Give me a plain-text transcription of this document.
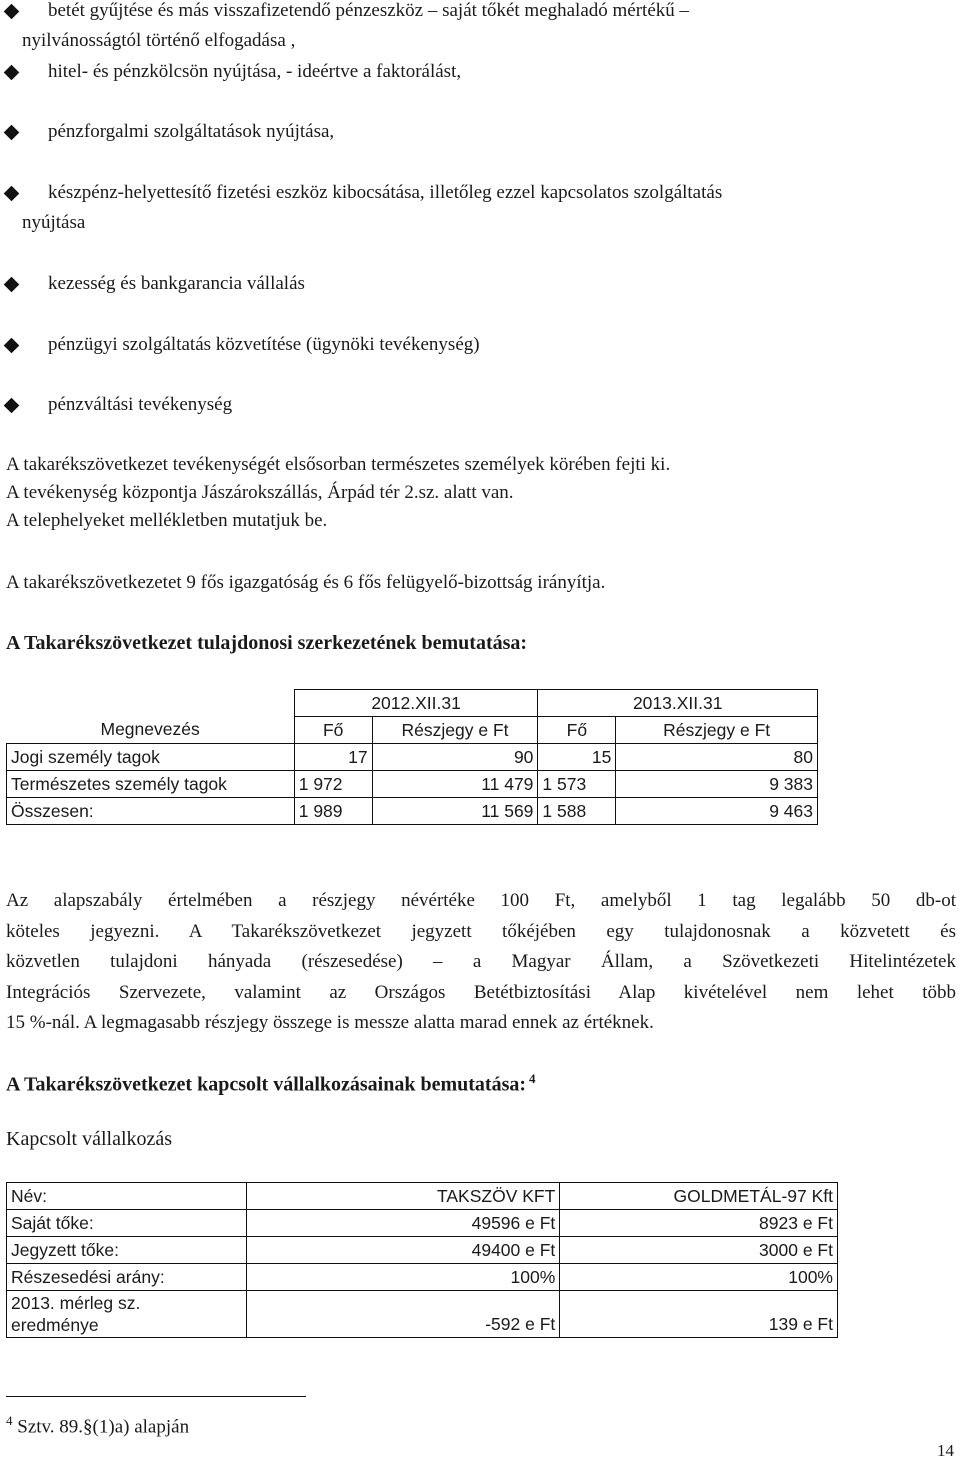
betét gyűjtése és más visszafizetendő pénzeszköz – saját tőkét meghaladó mértékű –
nyilvánosságtól történő elfogadása ,
hitel- és pénzkölcsön nyújtása, - ideértve a faktorálást,
pénzforgalmi szolgáltatások nyújtása,
készpénz-helyettesítő fizetési eszköz kibocsátása, illetőleg ezzel kapcsolatos szolgáltatás
nyújtása
kezesség és bankgarancia vállalás
pénzügyi szolgáltatás közvetítése (ügynöki tevékenység)
pénzváltási tevékenység
A takarékszövetkezet tevékenységét elsősorban természetes személyek körében fejti ki.
A tevékenység központja Jászárokszállás, Árpád tér 2.sz. alatt van.
A telephelyeket mellékletben mutatjuk be.
A takarékszövetkezetet 9 fős igazgatóság és 6 fős felügyelő-bizottság irányítja.
A Takarékszövetkezet tulajdonosi szerkezetének bemutatása:
	2012.XII.31		2013.XII.31	
Megnevezés	Fő	Részjegy e Ft	Fő	Részjegy e Ft
Jogi személy tagok	17	90	15	80
Természetes személy tagok	1 972	11 479	1 573	9 383
Összesen:	1 989	11 569	1 588	9 463
Az alapszabály értelmében a részjegy névértéke 100 Ft, amelyből 1 tag legalább 50 db-ot
köteles jegyezni. A Takarékszövetkezet jegyzett tőkéjében egy tulajdonosnak a közvetett és
közvetlen tulajdoni hányada (részesedése) – a Magyar Állam, a Szövetkezeti Hitelintézetek
Integrációs Szervezete, valamint az Országos Betétbiztosítási Alap kivételével nem lehet több
15 %-nál. A legmagasabb részjegy összege is messze alatta marad ennek az értéknek.
A Takarékszövetkezet kapcsolt vállalkozásainak bemutatása: $^4$
Kapcsolt vállalkozás
Név:	TAKSZÖV KFT	GOLDMETÁL-97 Kft
Saját tőke:	49596 e Ft	8923 e Ft
Jegyzett tőke:	49400 e Ft	3000 e Ft
Részesedési arány:	100%	100%

2013. mérleg sz.
eredménye	-592 e Ft	139 e Ft
$^4$ Sztv. 89.§(1)a) alapján
14
